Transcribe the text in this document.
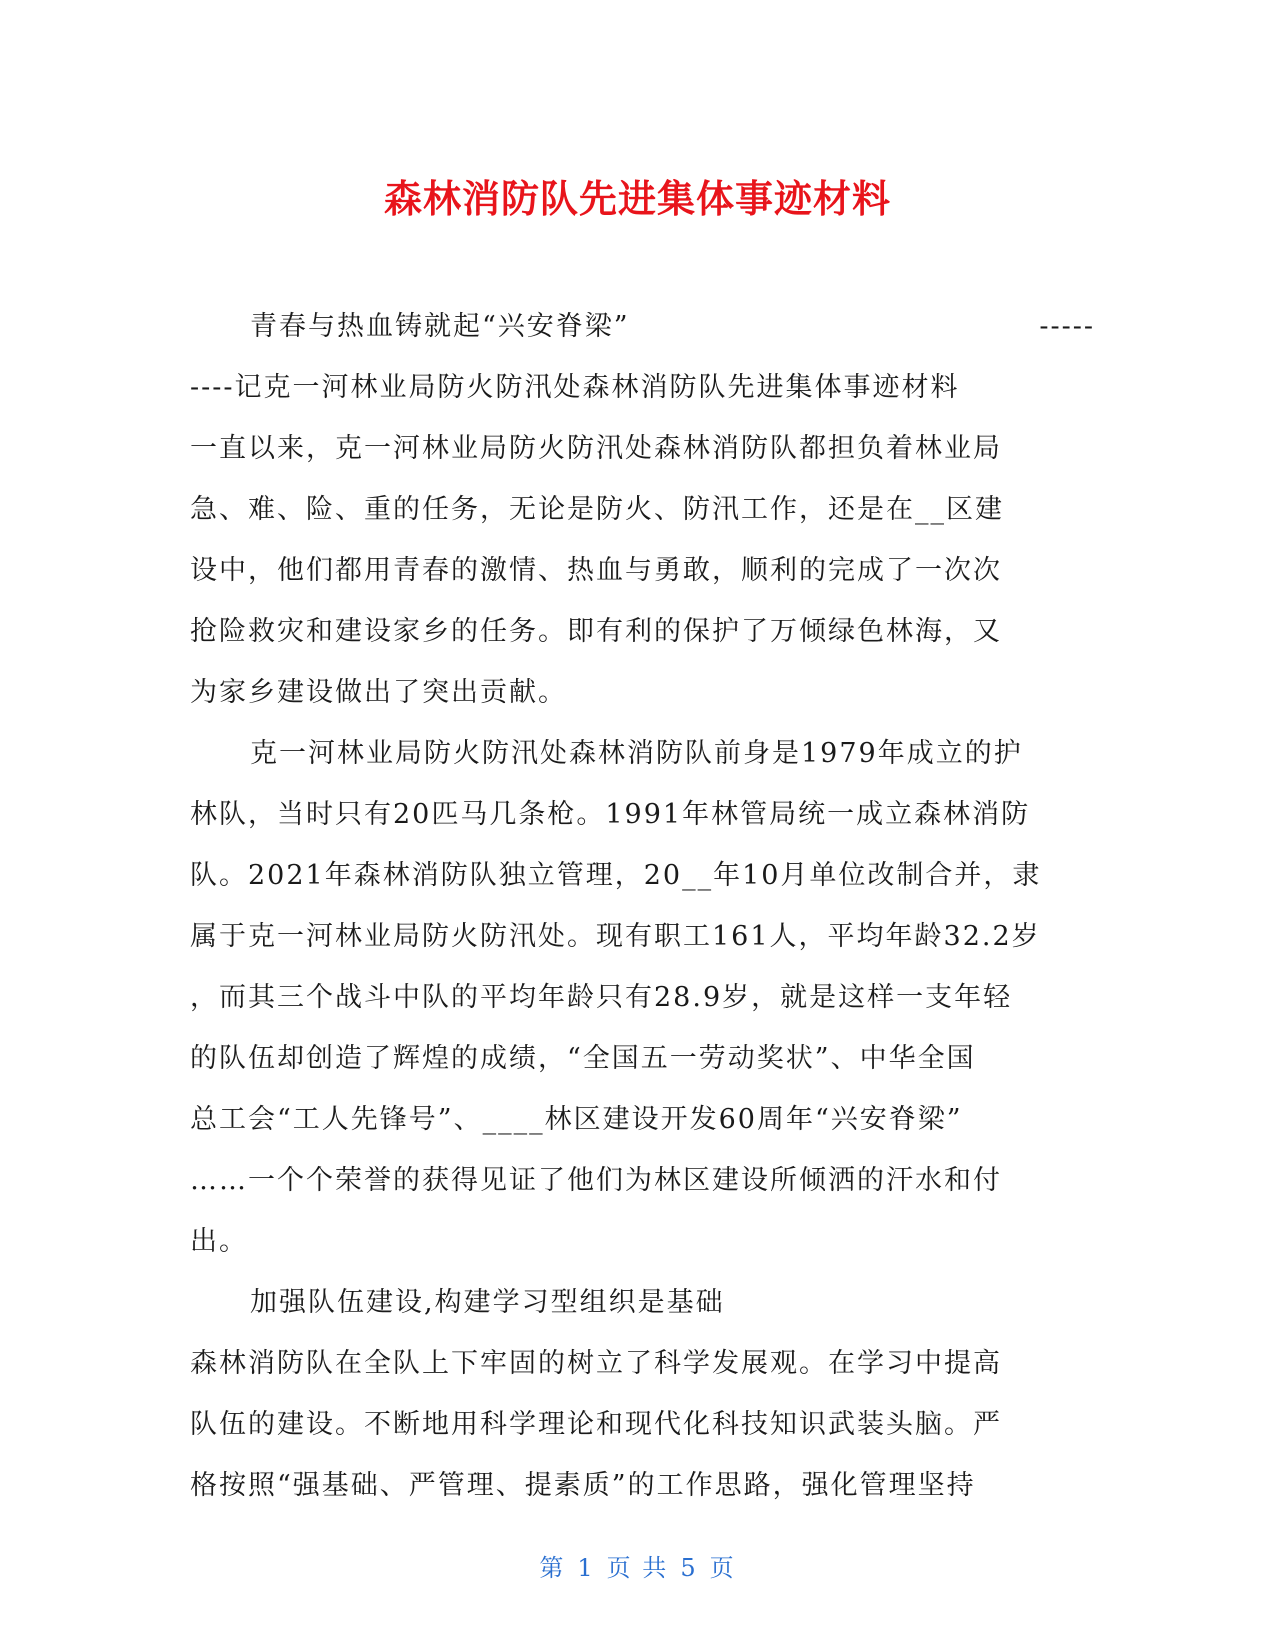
森林消防队先进集体事迹材料
青春与热血铸就起“兴安脊梁”	-----
----记克一河林业局防火防汛处森林消防队先进集体事迹材料
一直以来，克一河林业局防火防汛处森林消防队都担负着林业局
急、难、险、重的任务，无论是防火、防汛工作，还是在__区建
设中，他们都用青春的激情、热血与勇敢，顺利的完成了一次次
抢险救灾和建设家乡的任务。即有利的保护了万倾绿色林海，又
为家乡建设做出了突出贡献。
克一河林业局防火防汛处森林消防队前身是1979年成立的护
林队，当时只有20匹马几条枪。1991年林管局统一成立森林消防
队。2021年森林消防队独立管理，20__年10月单位改制合并，隶
属于克一河林业局防火防汛处。现有职工161人，平均年龄32.2岁
，而其三个战斗中队的平均年龄只有28.9岁，就是这样一支年轻
的队伍却创造了辉煌的成绩，“全国五一劳动奖状”、中华全国
总工会“工人先锋号”、____林区建设开发60周年“兴安脊梁”
……一个个荣誉的获得见证了他们为林区建设所倾洒的汗水和付
出。
加强队伍建设,构建学习型组织是基础
森林消防队在全队上下牢固的树立了科学发展观。在学习中提高
队伍的建设。不断地用科学理论和现代化科技知识武装头脑。严
格按照“强基础、严管理、提素质”的工作思路，强化管理坚持
第 1 页 共 5 页
